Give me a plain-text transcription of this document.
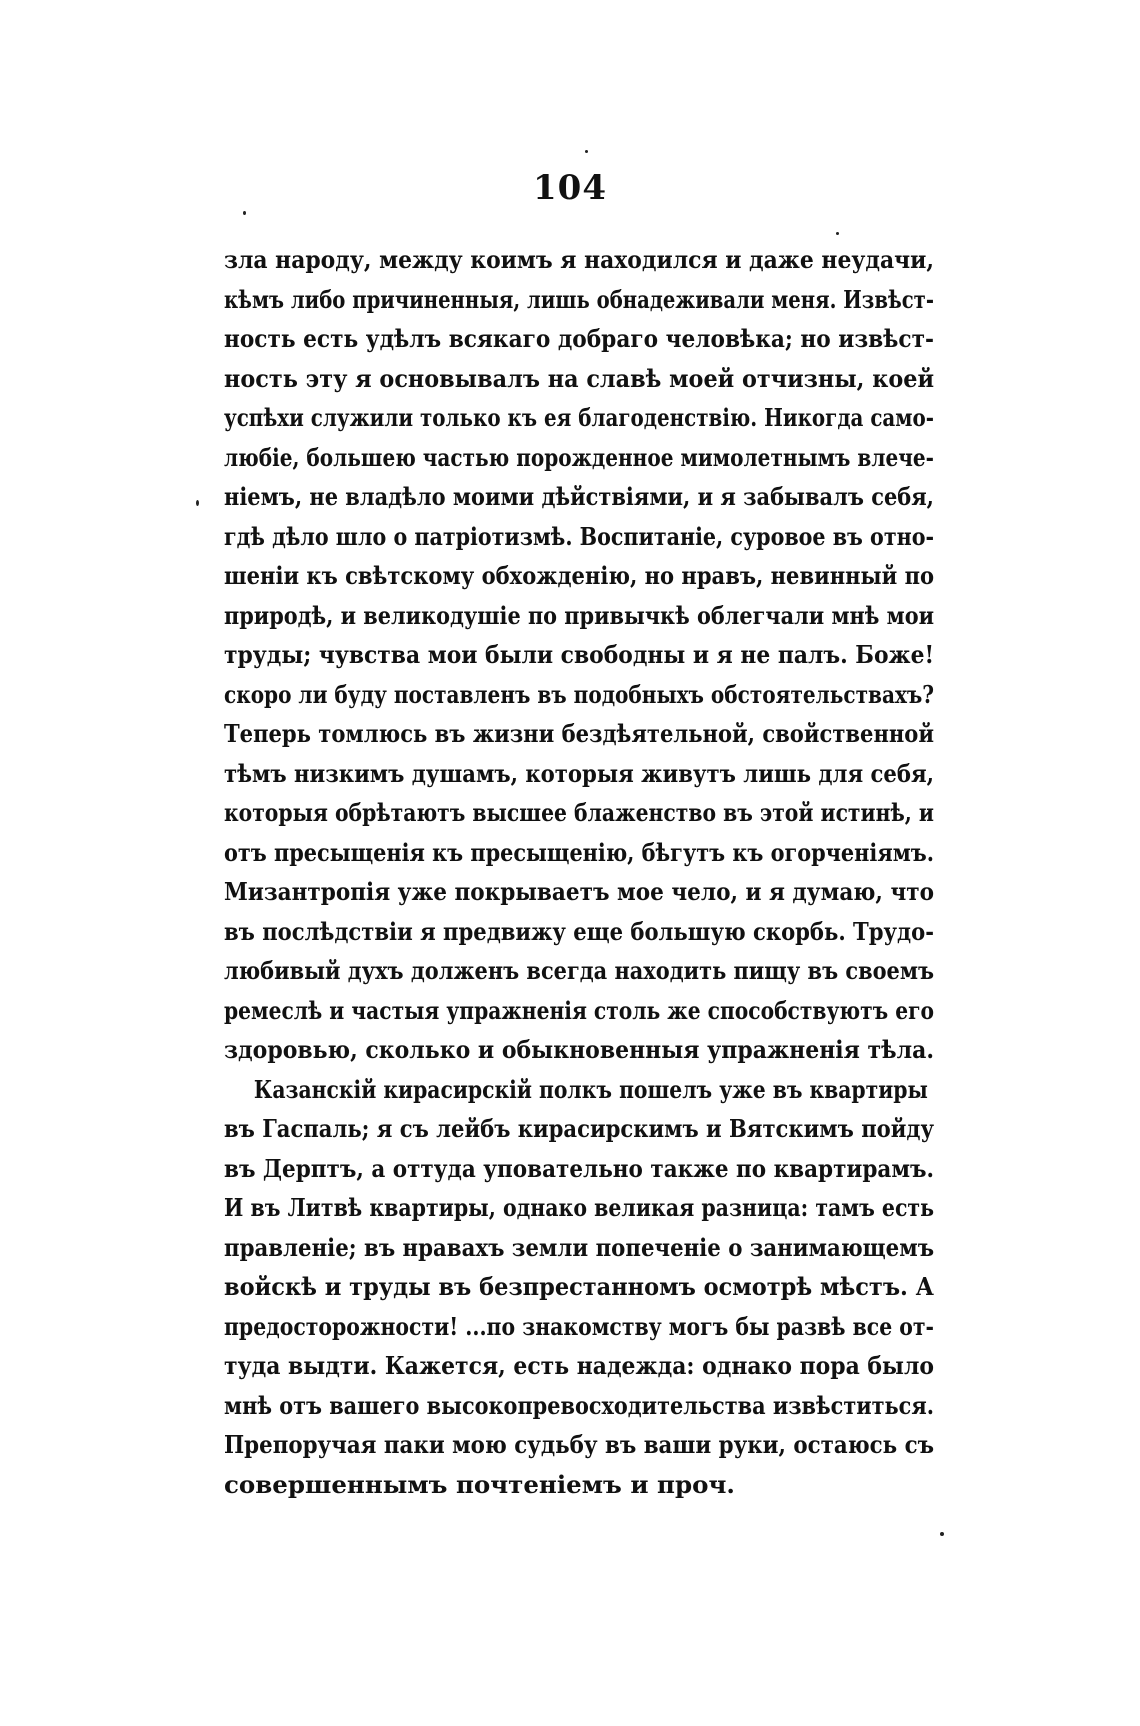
104
зла народу, между коимъ я находился и даже неудачи,
кѣмъ либо причиненныя, лишь обнадеживали меня. Извѣст-
ность есть удѣлъ всякаго добраго человѣка; но извѣст-
ность эту я основывалъ на славѣ моей отчизны, коей
успѣхи служили только къ ея благоденствію. Никогда само-
любіе, большею частью порожденное мимолетнымъ влече-
ніемъ, не владѣло моими дѣйствіями, и я забывалъ себя,
гдѣ дѣло шло о патріотизмѣ. Воспитаніе, суровое въ отно-
шеніи къ свѣтскому обхожденію, но нравъ, невинный по
природѣ, и великодушіе по привычкѣ облегчали мнѣ мои
труды; чувства мои были свободны и я не палъ. Боже!
скоро ли буду поставленъ въ подобныхъ обстоятельствахъ?
Теперь томлюсь въ жизни бездѣятельной, свойственной
тѣмъ низкимъ душамъ, которыя живутъ лишь для себя,
которыя обрѣтаютъ высшее блаженство въ этой истинѣ, и
отъ пресыщенія къ пресыщенію, бѣгутъ къ огорченіямъ.
Мизантропія уже покрываетъ мое чело, и я думаю, что
въ послѣдствіи я предвижу еще большую скорбь. Трудо-
любивый духъ долженъ всегда находить пищу въ своемъ
ремеслѣ и частыя упражненія столь же способствуютъ его
здоровью, сколько и обыкновенныя упражненія тѣла.
Казанскій кирасирскій полкъ пошелъ уже въ квартиры
въ Гаспаль; я съ лейбъ кирасирскимъ и Вятскимъ пойду
въ Дерптъ, а оттуда уповательно также по квартирамъ.
И въ Литвѣ квартиры, однако великая разница: тамъ есть
правленіе; въ нравахъ земли попеченіе о занимающемъ
войскѣ и труды въ безпрестанномъ осмотрѣ мѣстъ. А
предосторожности! ...по знакомству могъ бы развѣ все от-
туда выдти. Кажется, есть надежда: однако пора было
мнѣ отъ вашего высокопревосходительства извѣститься.
Препоручая паки мою судьбу въ ваши руки, остаюсь съ
совершеннымъ почтеніемъ и проч.
